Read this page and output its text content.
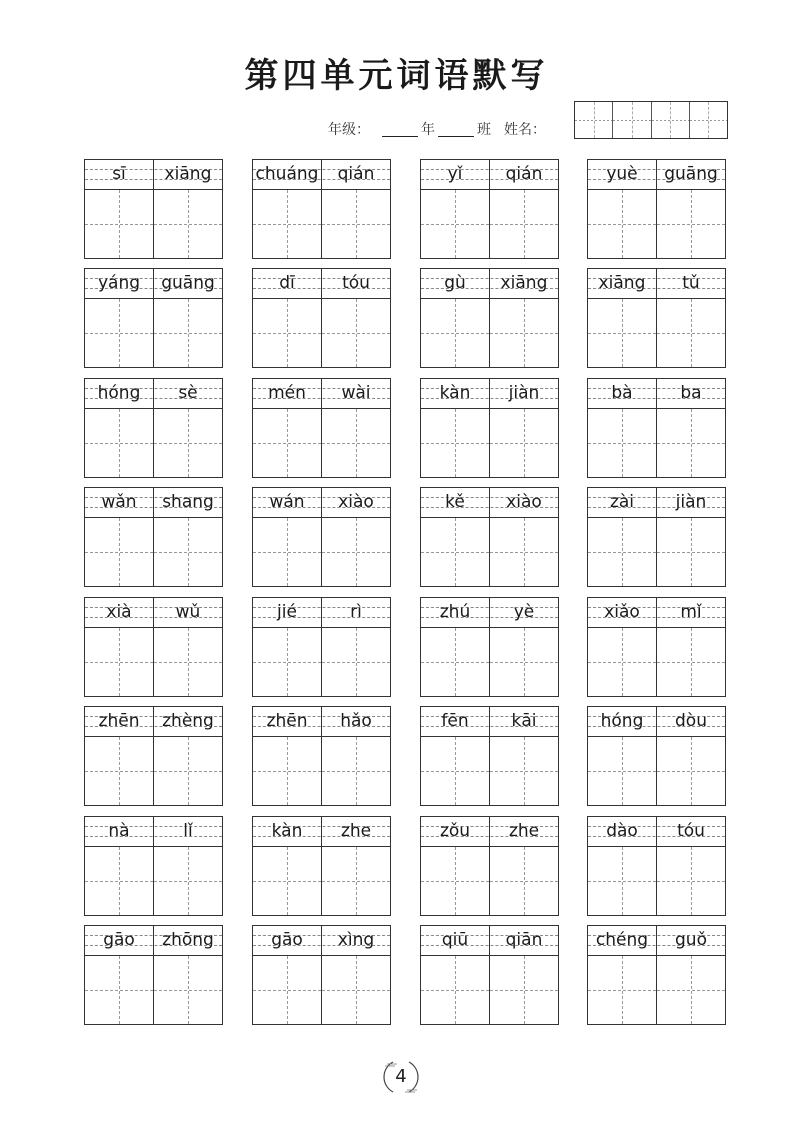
第四单元词语默写
年级：	年	班 姓名：
sī	xiāng	chuáng	qián	yǐ	qián	yuè	guāng
yáng	guāng	dī	tóu	gù	xiāng	xiāng	tǔ
hóng	sè	mén	wài	kàn	jiàn	bà	ba
wǎn	shang	wán	xiào	kě	xiào	zài	jiàn
xià	wǔ	jié	rì	zhú	yè	xiǎo	mǐ
zhēn	zhèng	zhēn	hǎo	fēn	kāi	hóng	dòu
nà	lǐ	kàn	zhe	zǒu	zhe	dào	tóu
gāo	zhōng	gāo	xìng	qiū	qiān	chéng	guǒ
4
